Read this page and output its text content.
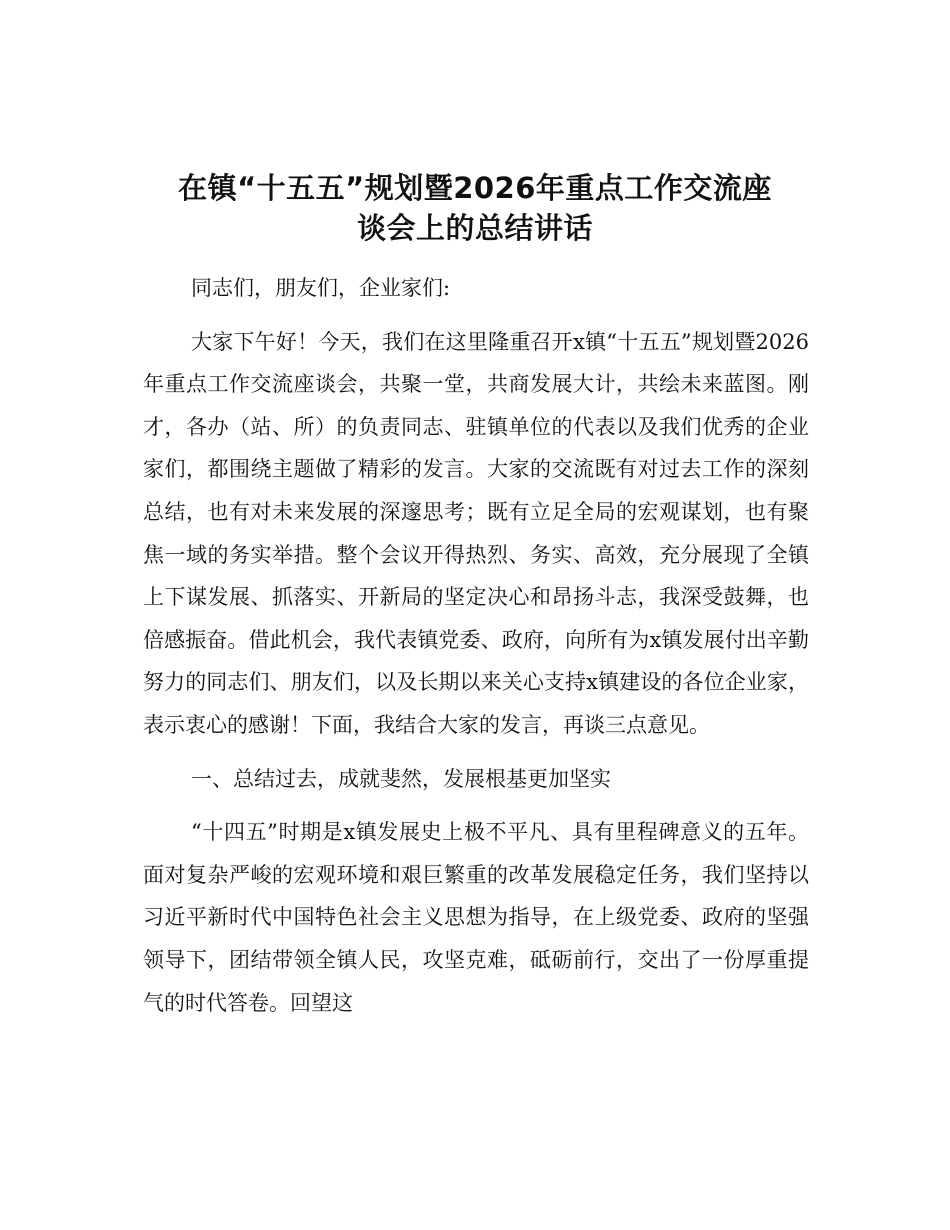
在镇“十五五”规划暨2026年重点工作交流座
谈会上的总结讲话

同志们，朋友们，企业家们:

大家下午好！今天，我们在这里隆重召开x镇“十五五”规划暨2026年重点工作交流座谈会，共聚一堂，共商发展大计，共绘未来蓝图。刚才，各办（站、所）的负责同志、驻镇单位的代表以及我们优秀的企业家们，都围绕主题做了精彩的发言。大家的交流既有对过去工作的深刻总结，也有对未来发展的深邃思考；既有立足全局的宏观谋划，也有聚焦一域的务实举措。整个会议开得热烈、务实、高效，充分展现了全镇上下谋发展、抓落实、开新局的坚定决心和昂扬斗志，我深受鼓舞，也倍感振奋。借此机会，我代表镇党委、政府，向所有为x镇发展付出辛勤努力的同志们、朋友们，以及长期以来关心支持x镇建设的各位企业家，表示衷心的感谢！下面，我结合大家的发言，再谈三点意见。

一、总结过去，成就斐然，发展根基更加坚实

“十四五”时期是x镇发展史上极不平凡、具有里程碑意义的五年。面对复杂严峻的宏观环境和艰巨繁重的改革发展稳定任务，我们坚持以习近平新时代中国特色社会主义思想为指导，在上级党委、政府的坚强领导下，团结带领全镇人民，攻坚克难，砥砺前行，交出了一份厚重提气的时代答卷。回望这
